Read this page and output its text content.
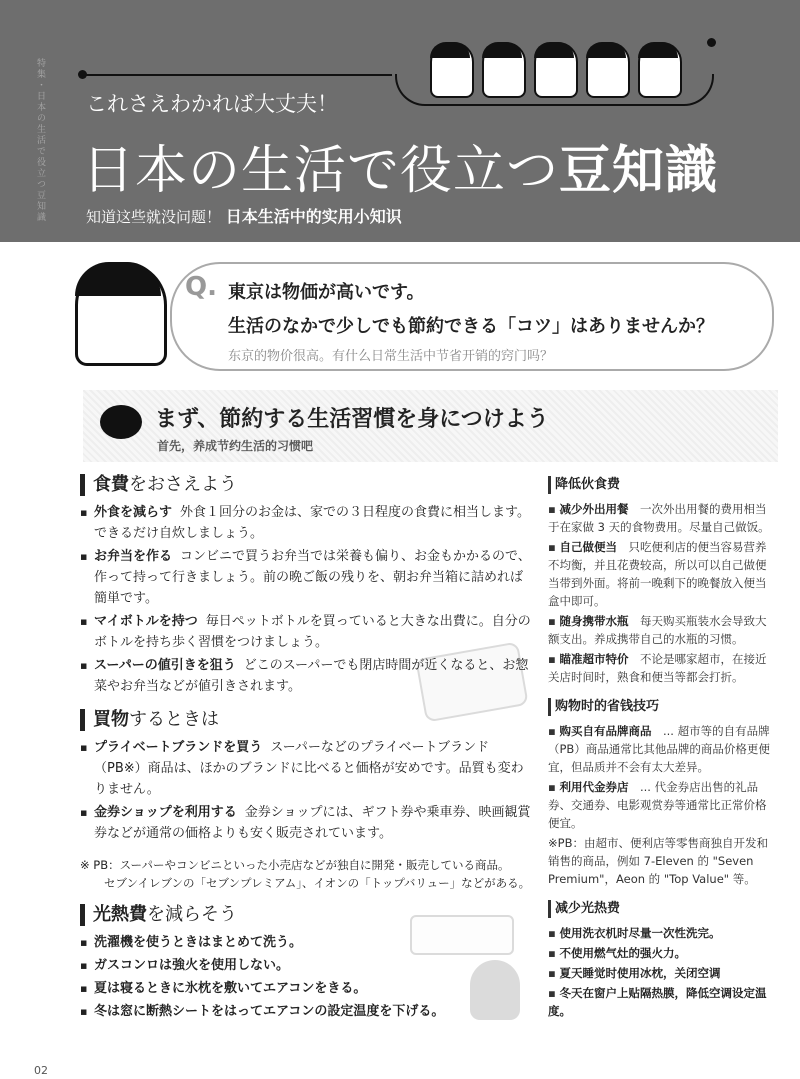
特集・日本の生活で役立つ豆知識 これさえわかれば大丈夫！
日本の生活で役立つ豆知識
知道这些就没问题！ 日本生活中的实用小知识
Q. 東京は物価が高いです。
生活のなかで少しでも節約できる「コツ」はありませんか？
东京的物价很高。有什么日常生活中节省开销的窍门吗？
まず、節約する生活習慣を身につけよう
首先，养成节约生活的习惯吧
食費をおさえよう
▪ 外食を減らす 外食１回分のお金は、家での３日程度の食費に相当します。できるだけ自炊しましょう。
▪ お弁当を作る コンビニで買うお弁当では栄養も偏り、お金もかかるので、作って持って行きましょう。前の晩ご飯の残りを、朝お弁当箱に詰めれば簡単です。
▪ マイボトルを持つ 毎日ペットボトルを買っていると大きな出費に。自分のボトルを持ち歩く習慣をつけましょう。
▪ スーパーの値引きを狙う どこのスーパーでも閉店時間が近くなると、お惣菜やお弁当などが値引きされます。
買物するときは
▪ プライベートブランドを買う スーパーなどのプライベートブランド（PB※）商品は、ほかのブランドに比べると価格が安めです。品質も変わりません。
▪ 金券ショップを利用する 金券ショップには、ギフト券や乗車券、映画観賞券などが通常の価格よりも安く販売されています。
※ PB：スーパーやコンビニといった小売店などが独自に開発・販売している商品。
セブンイレブンの「セブンプレミアム」、イオンの「トップバリュー」などがある。
光熱費を減らそう
▪ 洗濯機を使うときはまとめて洗う。
▪ ガスコンロは強火を使用しない。
▪ 夏は寝るときに氷枕を敷いてエアコンをきる。
▪ 冬は窓に断熱シートをはってエアコンの設定温度を下げる。
降低伙食费
▪ 减少外出用餐　 一次外出用餐的费用相当于在家做 3 天的食物费用。尽量自己做饭。
▪ 自己做便当　 只吃便利店的便当容易营养不均衡，并且花费较高，所以可以自己做便当带到外面。将前一晚剩下的晚餐放入便当盒中即可。
▪ 随身携带水瓶　 每天购买瓶装水会导致大额支出。养成携带自己的水瓶的习惯。
▪ 瞄准超市特价　 不论是哪家超市，在接近关店时间时，熟食和便当等都会打折。
购物时的省钱技巧
▪ 购买自有品牌商品　 ... 超市等的自有品牌（PB）商品通常比其他品牌的商品价格更便宜，但品质并不会有太大差异。
▪ 利用代金券店　 ... 代金券店出售的礼品券、交通券、电影观赏券等通常比正常价格便宜。
※PB：由超市、便利店等零售商独自开发和销售的商品，例如 7-Eleven 的 "Seven Premium"，Aeon 的 "Top Value" 等。
减少光热费
▪ 使用洗衣机时尽量一次性洗完。　
▪ 不使用燃气灶的强火力。　
▪ 夏天睡觉时使用冰枕，关闭空调　
▪ 冬天在窗户上贴隔热膜，降低空调设定温度。　
02
